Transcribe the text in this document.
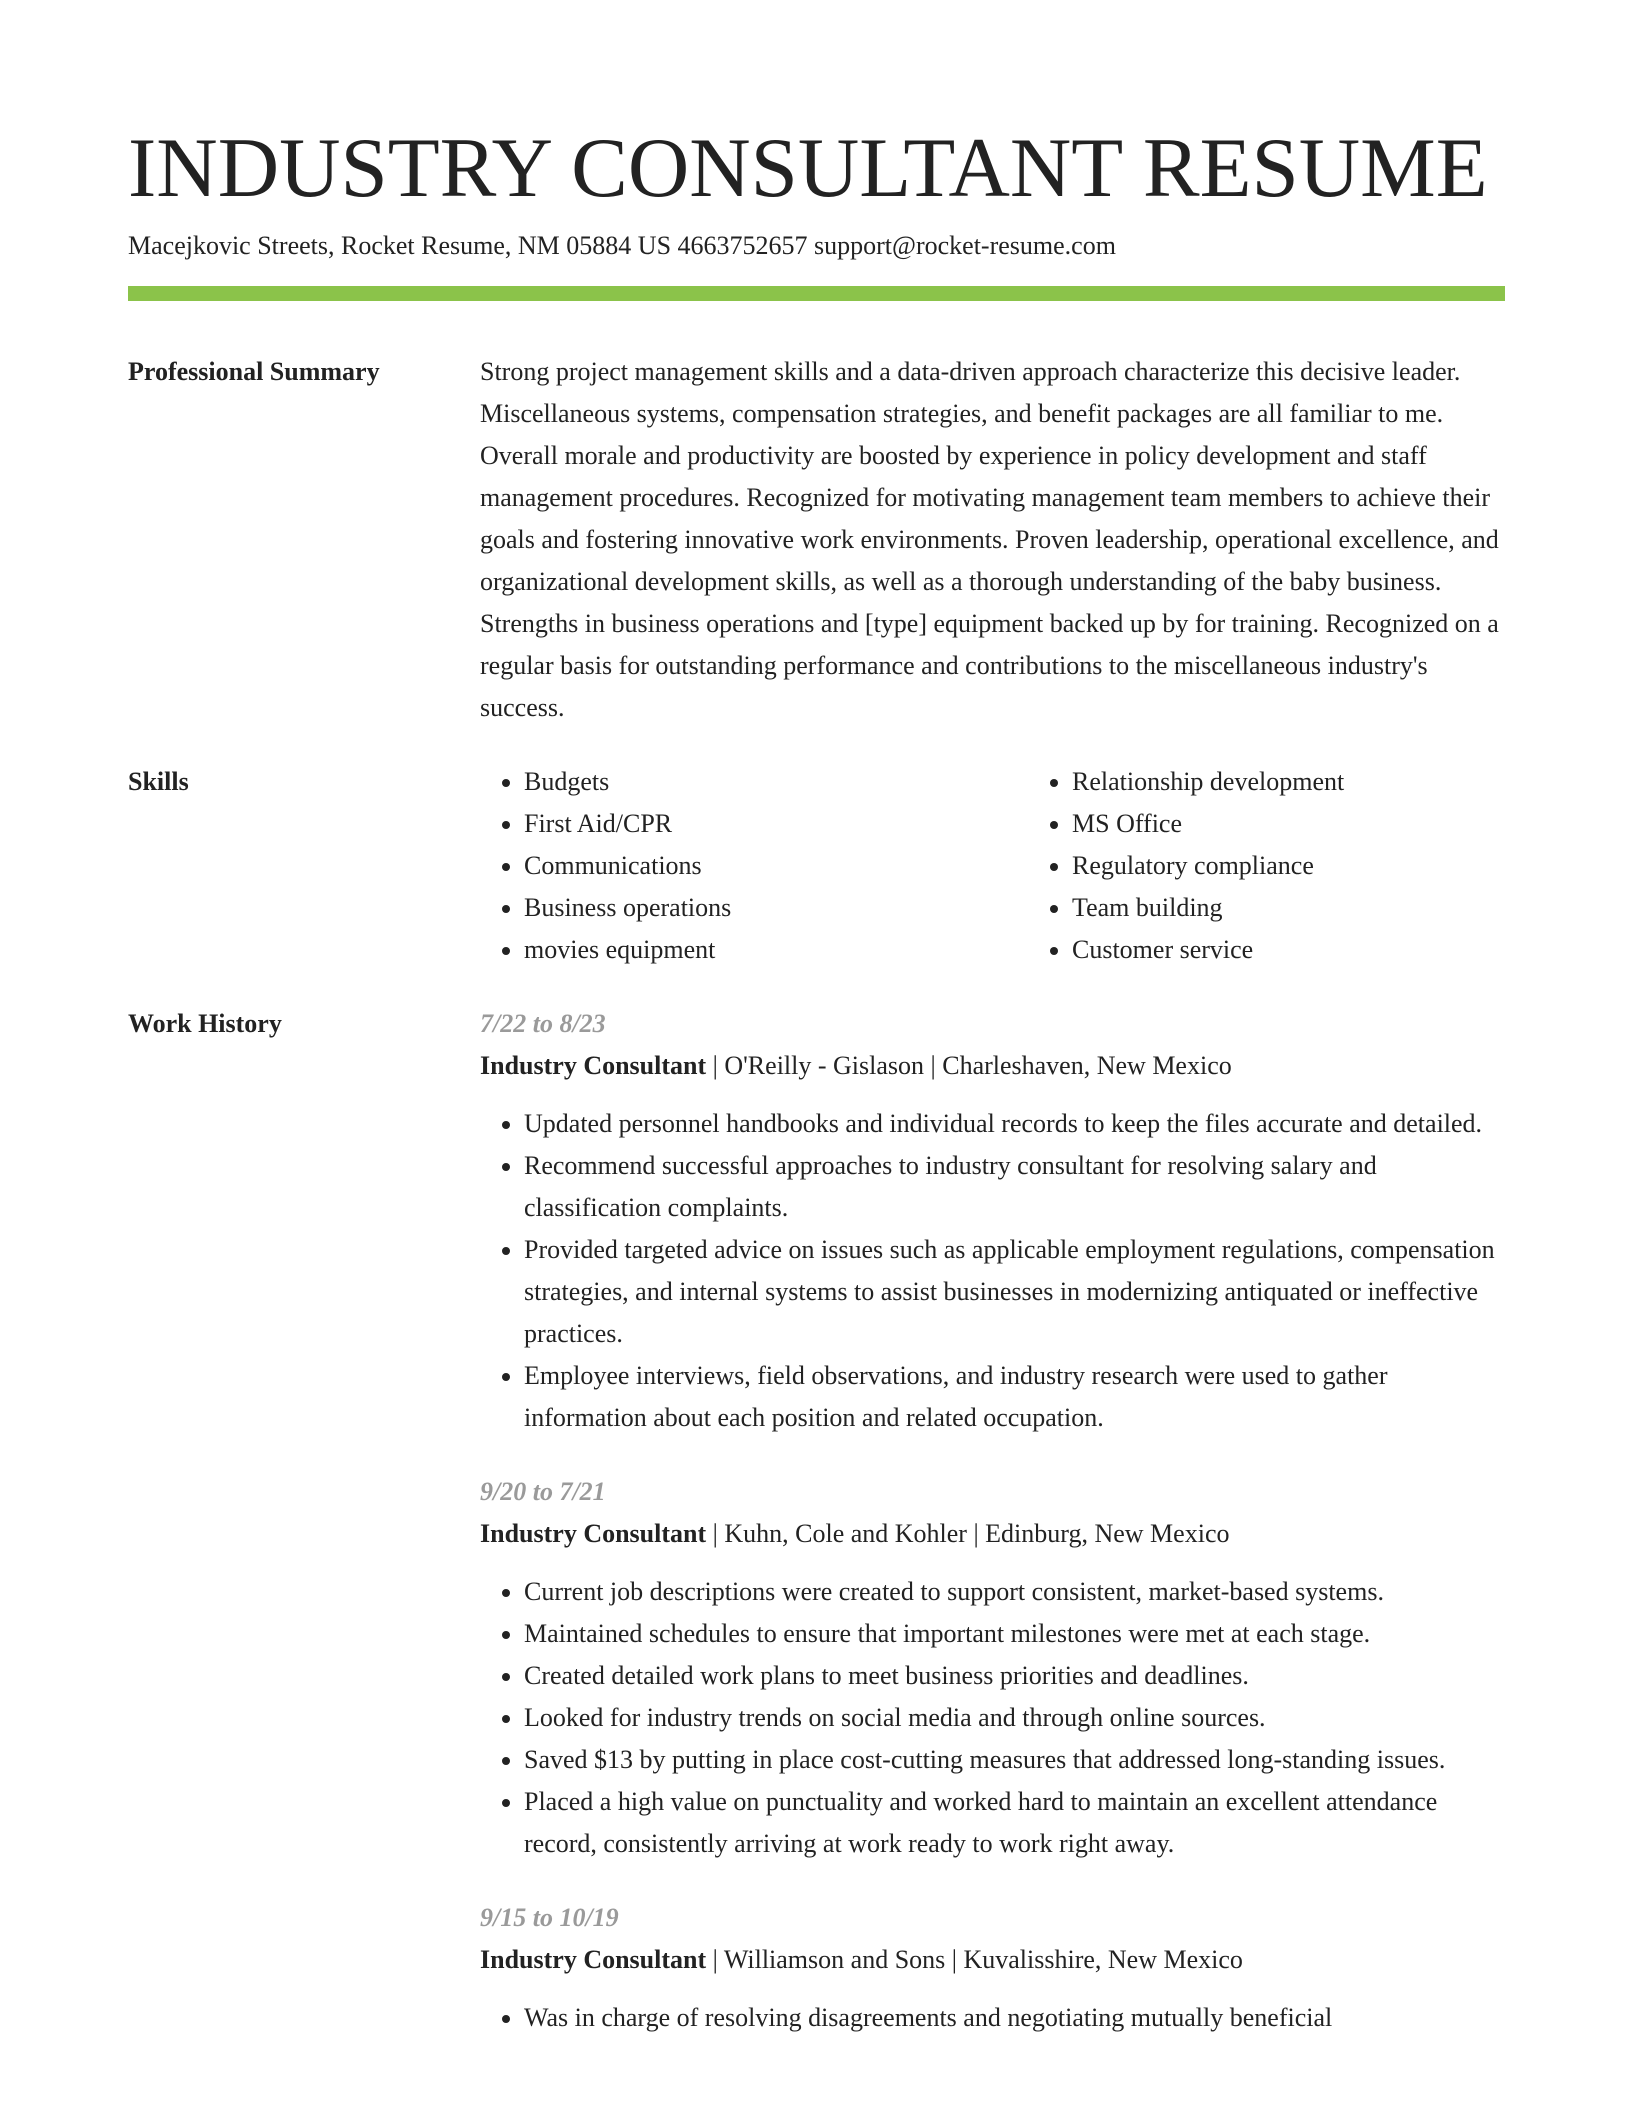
INDUSTRY CONSULTANT RESUME
Macejkovic Streets, Rocket Resume, NM 05884 US 4663752657 support@rocket-resume.com
Professional Summary	Strong project management skills and a data-driven approach characterize this decisive leader. Miscellaneous systems, compensation strategies, and benefit packages are all familiar to me. Overall morale and productivity are boosted by experience in policy development and staff management procedures. Recognized for motivating management team members to achieve their goals and fostering innovative work environments. Proven leadership, operational excellence, and organizational development skills, as well as a thorough understanding of the baby business. Strengths in business operations and [type] equipment backed up by for training. Recognized on a regular basis for outstanding performance and contributions to the miscellaneous industry's success.

Skills
•	Budgets
• First Aid/CPR
• Communications
• Business operations
• movies equipment
• Relationship development
• MS Office
• Regulatory compliance
• Team building
• Customer service
Work History	7/22 to 8/23
Industry Consultant | O'Reilly - Gislason | Charleshaven, New Mexico
• Updated personnel handbooks and individual records to keep the files accurate and detailed.
• Recommend successful approaches to industry consultant for resolving salary and classification complaints.
• Provided targeted advice on issues such as applicable employment regulations, compensation strategies, and internal systems to assist businesses in modernizing antiquated or ineffective practices.
• Employee interviews, field observations, and industry research were used to gather information about each position and related occupation.
9/20 to 7/21
Industry Consultant | Kuhn, Cole and Kohler | Edinburg, New Mexico
• Current job descriptions were created to support consistent, market-based systems.
• Maintained schedules to ensure that important milestones were met at each stage.
• Created detailed work plans to meet business priorities and deadlines.
• Looked for industry trends on social media and through online sources.
• Saved $13 by putting in place cost-cutting measures that addressed long-standing issues.
• Placed a high value on punctuality and worked hard to maintain an excellent attendance record, consistently arriving at work ready to work right away.
9/15 to 10/19
Industry Consultant | Williamson and Sons | Kuvalisshire, New Mexico
• Was in charge of resolving disagreements and negotiating mutually beneficial
